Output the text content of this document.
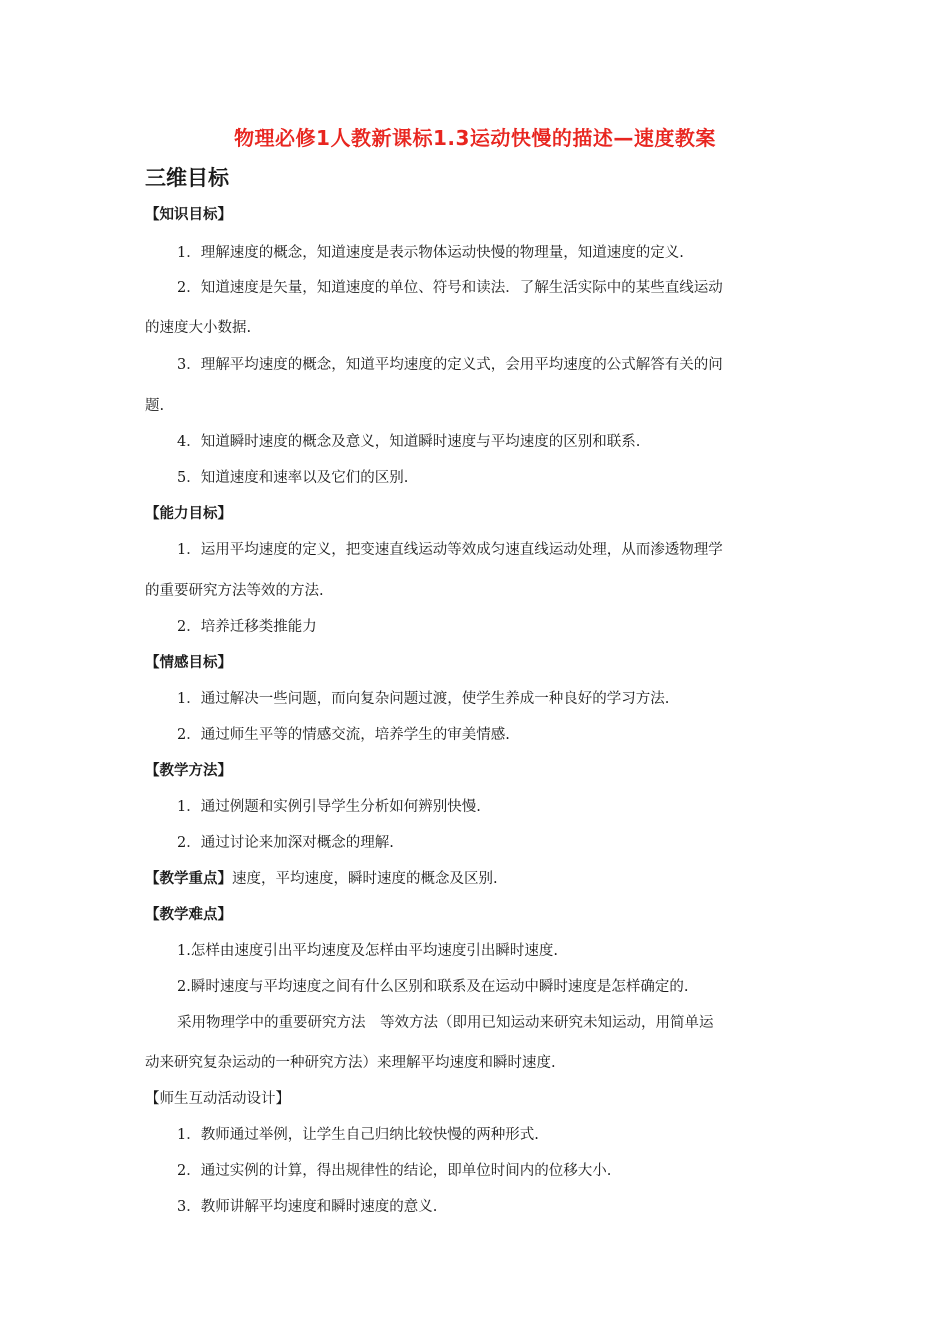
物理必修1人教新课标1.3运动快慢的描述—速度教案
三维目标
【知识目标】
1．理解速度的概念，知道速度是表示物体运动快慢的物理量，知道速度的定义.
2．知道速度是矢量，知道速度的单位、符号和读法．了解生活实际中的某些直线运动
的速度大小数据.
3．理解平均速度的概念，知道平均速度的定义式，会用平均速度的公式解答有关的问
题.
4．知道瞬时速度的概念及意义，知道瞬时速度与平均速度的区别和联系.
5．知道速度和速率以及它们的区别.
【能力目标】
1．运用平均速度的定义，把变速直线运动等效成匀速直线运动处理，从而渗透物理学
的重要研究方法等效的方法.
2．培养迁移类推能力
【情感目标】
1．通过解决一些问题，而向复杂问题过渡，使学生养成一种良好的学习方法.
2．通过师生平等的情感交流，培养学生的审美情感.
【教学方法】
1．通过例题和实例引导学生分析如何辨别快慢.
2．通过讨论来加深对概念的理解.
【教学重点】速度，平均速度，瞬时速度的概念及区别.
【教学难点】
1.怎样由速度引出平均速度及怎样由平均速度引出瞬时速度.
2.瞬时速度与平均速度之间有什么区别和联系及在运动中瞬时速度是怎样确定的.
采用物理学中的重要研究方法　等效方法（即用已知运动来研究未知运动，用简单运
动来研究复杂运动的一种研究方法）来理解平均速度和瞬时速度.
【师生互动活动设计】
1．教师通过举例，让学生自己归纳比较快慢的两种形式.
2．通过实例的计算，得出规律性的结论，即单位时间内的位移大小.
3．教师讲解平均速度和瞬时速度的意义.
